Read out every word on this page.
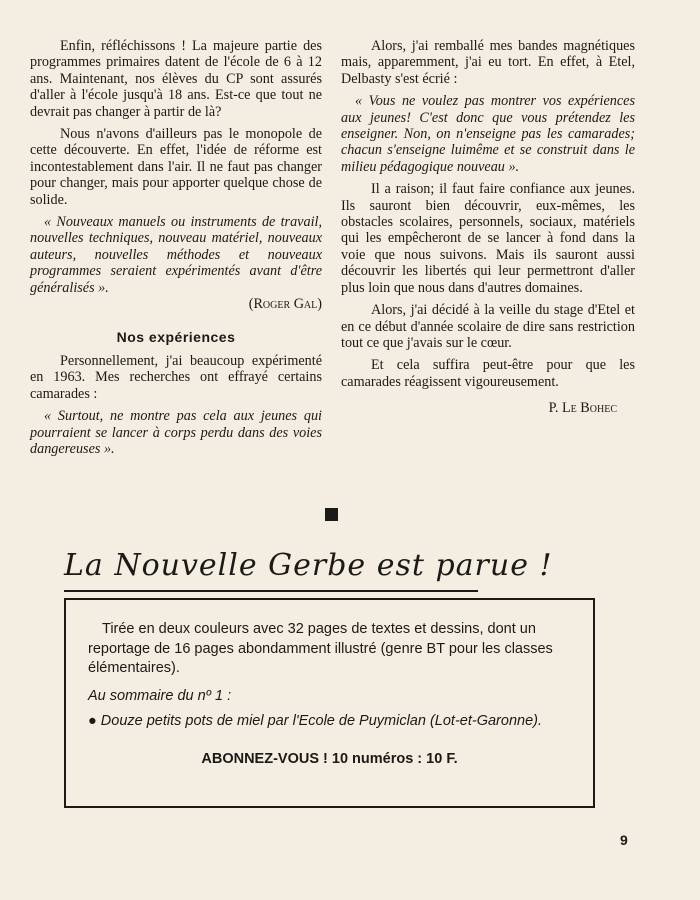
Enfin, réfléchissons ! La majeure partie des programmes primaires datent de l'école de 6 à 12 ans. Maintenant, nos élèves du CP sont assurés d'aller à l'école jusqu'à 18 ans. Est-ce que tout ne devrait pas changer à partir de là?

Nous n'avons d'ailleurs pas le monopole de cette découverte. En effet, l'idée de réforme est incontestablement dans l'air. Il ne faut pas changer pour changer, mais pour apporter quelque chose de solide.

« Nouveaux manuels ou instruments de travail, nouvelles techniques, nouveau matériel, nouveaux auteurs, nouvelles méthodes et nouveaux programmes seraient expérimentés avant d'être généralisés ».

(Roger Gal)

Nos expériences

Personnellement, j'ai beaucoup expérimenté en 1963. Mes recherches ont effrayé certains camarades :

« Surtout, ne montre pas cela aux jeunes qui pourraient se lancer à corps perdu dans des voies dangereuses ».

Alors, j'ai remballé mes bandes magnétiques mais, apparemment, j'ai eu tort. En effet, à Etel, Delbasty s'est écrié :

« Vous ne voulez pas montrer vos expériences aux jeunes! C'est donc que vous prétendez les enseigner. Non, on n'enseigne pas les camarades; chacun s'enseigne luimême et se construit dans le milieu pédagogique nouveau ».

Il a raison; il faut faire confiance aux jeunes. Ils sauront bien découvrir, eux-mêmes, les obstacles scolaires, personnels, sociaux, matériels qui les empêcheront de se lancer à fond dans la voie que nous suivons. Mais ils sauront aussi découvrir les libertés qui leur permettront d'aller plus loin que nous dans d'autres domaines.

Alors, j'ai décidé à la veille du stage d'Etel et en ce début d'année scolaire de dire sans restriction tout ce que j'avais sur le cœur.

Et cela suffira peut-être pour que les camarades réagissent vigoureusement.

P. Le Bohec

La Nouvelle Gerbe est parue !

Tirée en deux couleurs avec 32 pages de textes et dessins, dont un reportage de 16 pages abondamment illustré (genre BT pour les classes élémentaires).

Au sommaire du nº 1 :

● Douze petits pots de miel par l'Ecole de Puymiclan (Lot-et-Garonne).

ABONNEZ-VOUS ! 10 numéros : 10 F.

9
